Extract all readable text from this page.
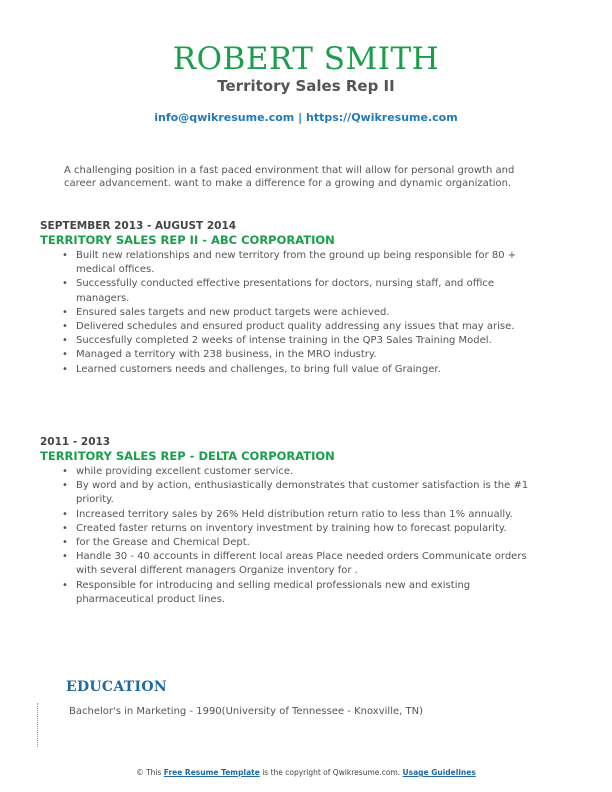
ROBERT SMITH
Territory Sales Rep II
info@qwikresume.com | https://Qwikresume.com

A challenging position in a fast paced environment that will allow for personal growth and career advancement. want to make a difference for a growing and dynamic organization.

SEPTEMBER 2013 - AUGUST 2014

TERRITORY SALES REP II - ABC CORPORATION

• Built new relationships and new territory from the ground up being responsible for 80 + medical offices.
• Successfully conducted effective presentations for doctors, nursing staff, and office managers.
• Ensured sales targets and new product targets were achieved.
• Delivered schedules and ensured product quality addressing any issues that may arise.
• Succesfully completed 2 weeks of intense training in the QP3 Sales Training Model.
• Managed a territory with 238 business, in the MRO industry.
• Learned customers needs and challenges, to bring full value of Grainger.

2011 - 2013

TERRITORY SALES REP - DELTA CORPORATION

• while providing excellent customer service.
• By word and by action, enthusiastically demonstrates that customer satisfaction is the #1 priority.
• Increased territory sales by 26% Held distribution return ratio to less than 1% annually.
• Created faster returns on inventory investment by training how to forecast popularity.
• for the Grease and Chemical Dept.
• Handle 30 - 40 accounts in different local areas Place needed orders Communicate orders with several different managers Organize inventory for .
• Responsible for introducing and selling medical professionals new and existing pharmaceutical product lines.
EDUCATION

Bachelor's in Marketing - 1990(University of Tennessee - Knoxville, TN)

© This Free Resume Template is the copyright of Qwikresume.com. Usage Guidelines
